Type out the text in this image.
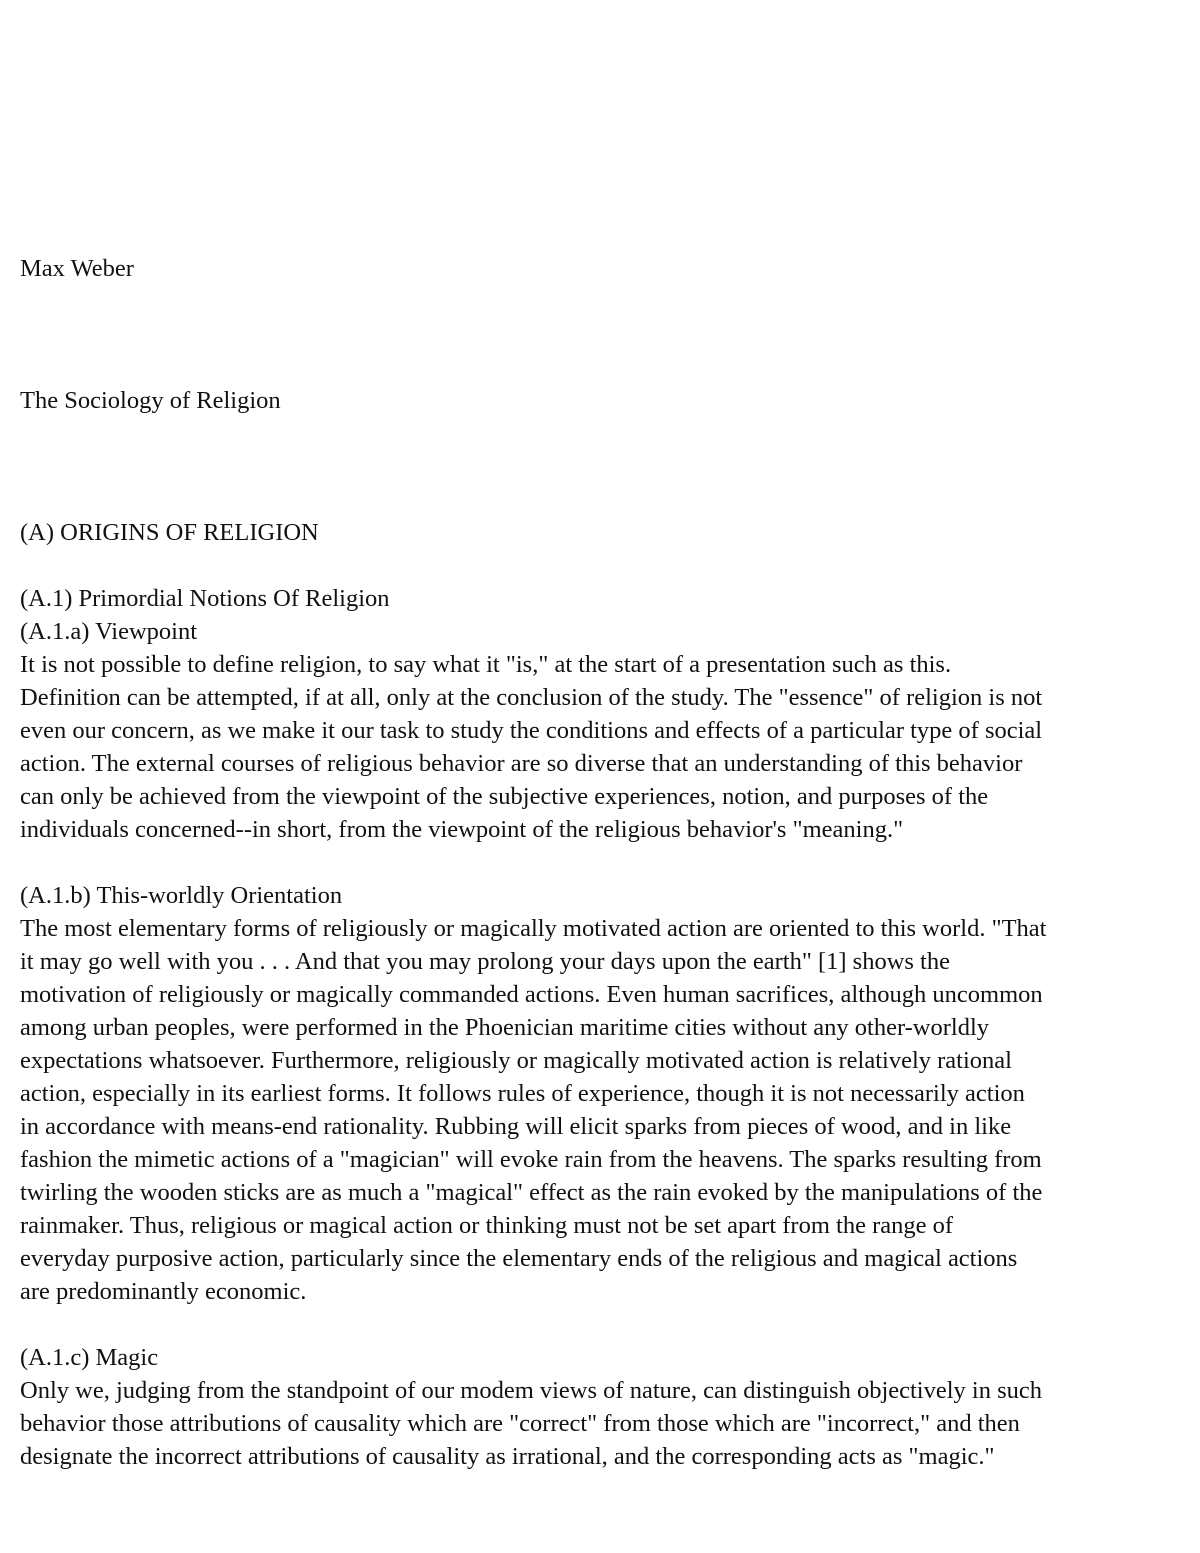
Max Weber

The Sociology of Religion

(A) ORIGINS OF RELIGION

(A.1) Primordial Notions Of Religion

(A.1.a) Viewpoint

It is not possible to define religion, to say what it "is," at the start of a presentation such as this.
Definition can be attempted, if at all, only at the conclusion of the study. The "essence" of religion is not
even our concern, as we make it our task to study the conditions and effects of a particular type of social
action. The external courses of religious behavior are so diverse that an understanding of this behavior
can only be achieved from the viewpoint of the subjective experiences, notion, and purposes of the
individuals concerned--in short, from the viewpoint of the religious behavior's "meaning."

(A.1.b) This-worldly Orientation

The most elementary forms of religiously or magically motivated action are oriented to this world. "That
it may go well with you . . . And that you may prolong your days upon the earth" [1] shows the
motivation of religiously or magically commanded actions. Even human sacrifices, although uncommon
among urban peoples, were performed in the Phoenician maritime cities without any other-worldly
expectations whatsoever. Furthermore, religiously or magically motivated action is relatively rational
action, especially in its earliest forms. It follows rules of experience, though it is not necessarily action
in accordance with means-end rationality. Rubbing will elicit sparks from pieces of wood, and in like
fashion the mimetic actions of a "magician" will evoke rain from the heavens. The sparks resulting from
twirling the wooden sticks are as much a "magical" effect as the rain evoked by the manipulations of the
rainmaker. Thus, religious or magical action or thinking must not be set apart from the range of
everyday purposive action, particularly since the elementary ends of the religious and magical actions
are predominantly economic.

(A.1.c) Magic

Only we, judging from the standpoint of our modem views of nature, can distinguish objectively in such
behavior those attributions of causality which are "correct" from those which are "incorrect," and then
designate the incorrect attributions of causality as irrational, and the corresponding acts as "magic."
